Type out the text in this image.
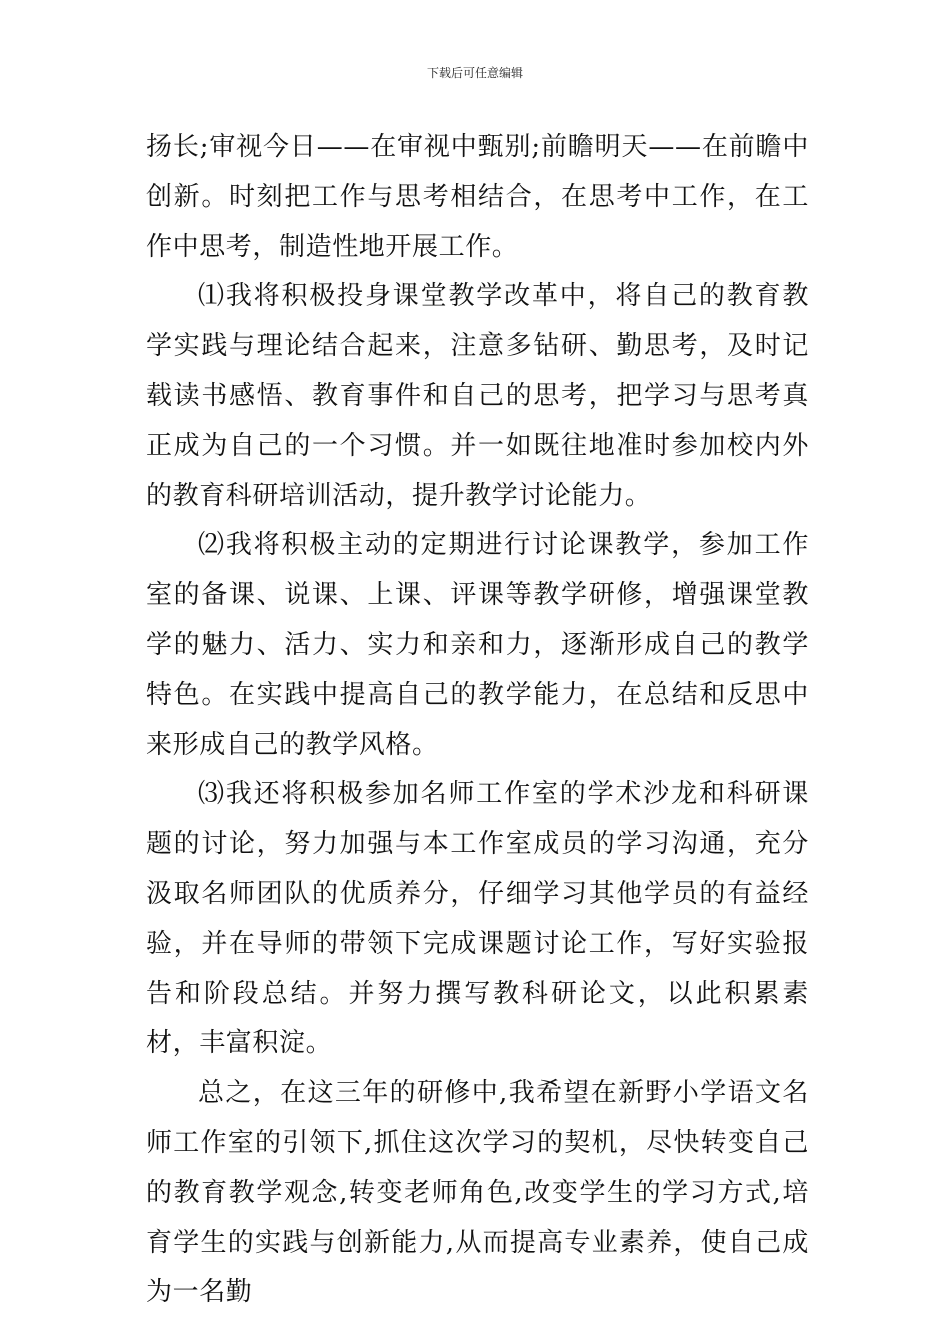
下载后可任意编辑

扬长;审视今日——在审视中甄别;前瞻明天——在前瞻中创新。时刻把工作与思考相结合，在思考中工作，在工作中思考，制造性地开展工作。

⑴我将积极投身课堂教学改革中，将自己的教育教学实践与理论结合起来，注意多钻研、勤思考，及时记载读书感悟、教育事件和自己的思考，把学习与思考真正成为自己的一个习惯。并一如既往地准时参加校内外的教育科研培训活动，提升教学讨论能力。

⑵我将积极主动的定期进行讨论课教学，参加工作室的备课、说课、上课、评课等教学研修，增强课堂教学的魅力、活力、实力和亲和力，逐渐形成自己的教学特色。在实践中提高自己的教学能力，在总结和反思中来形成自己的教学风格。

⑶我还将积极参加名师工作室的学术沙龙和科研课题的讨论，努力加强与本工作室成员的学习沟通，充分汲取名师团队的优质养分，仔细学习其他学员的有益经验，并在导师的带领下完成课题讨论工作，写好实验报告和阶段总结。并努力撰写教科研论文，以此积累素材，丰富积淀。

总之，在这三年的研修中,我希望在新野小学语文名师工作室的引领下,抓住这次学习的契机，尽快转变自己的教育教学观念,转变老师角色,改变学生的学习方式,培育学生的实践与创新能力,从而提高专业素养，使自己成为一名勤
